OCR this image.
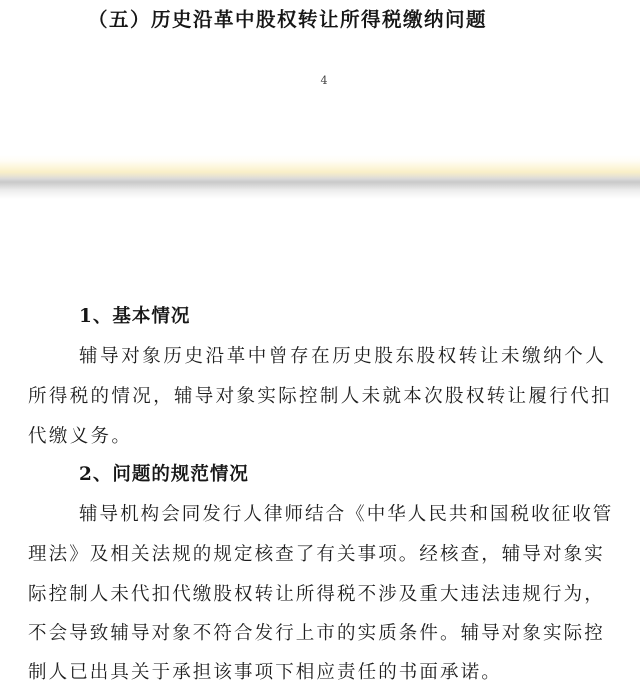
（五）历史沿革中股权转让所得税缴纳问题
4
1、基本情况
辅导对象历史沿革中曾存在历史股东股权转让未缴纳个人
所得税的情况，辅导对象实际控制人未就本次股权转让履行代扣
代缴义务。
2、问题的规范情况
辅导机构会同发行人律师结合《中华人民共和国税收征收管
理法》及相关法规的规定核查了有关事项。经核查，辅导对象实
际控制人未代扣代缴股权转让所得税不涉及重大违法违规行为，
不会导致辅导对象不符合发行上市的实质条件。辅导对象实际控
制人已出具关于承担该事项下相应责任的书面承诺。
